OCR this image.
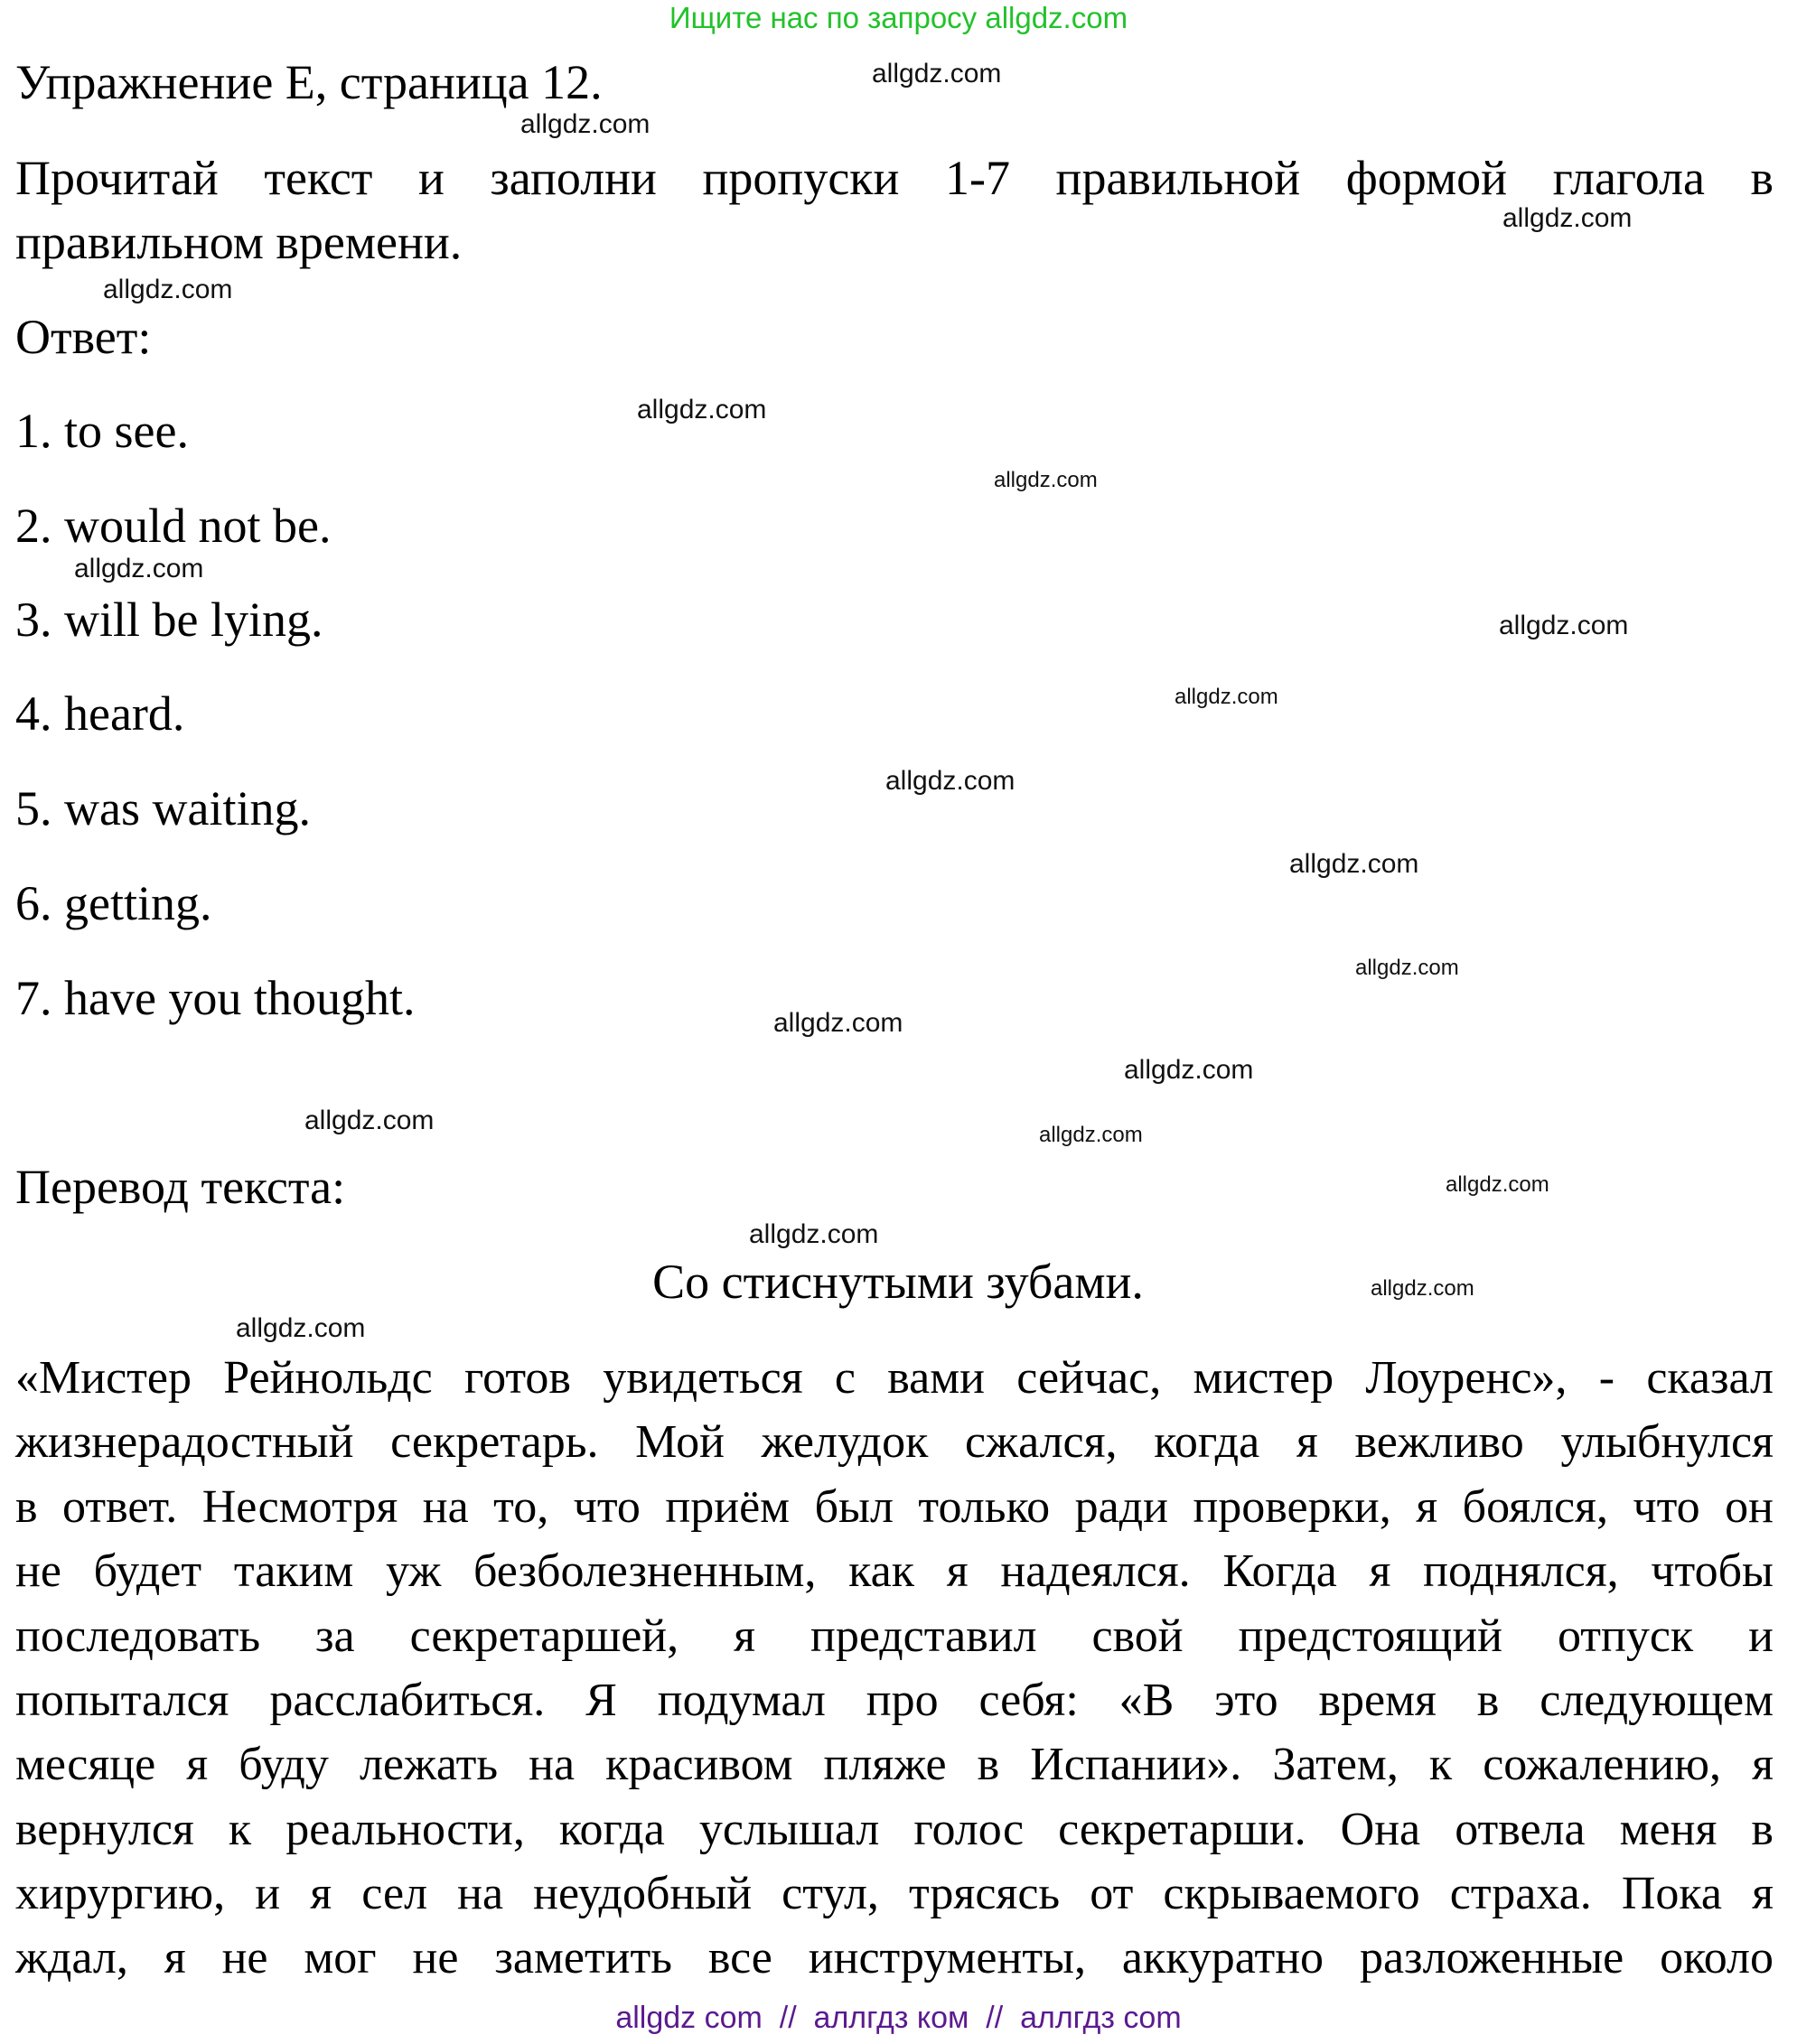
Ищите нас по запросу allgdz.com
Упражнение E, страница 12.
Прочитай текст и заполни пропуски 1-7 правильной формой глагола в
правильном времени.
Ответ:
1. to see.
2. would not be.
3. will be lying.
4. heard.
5. was waiting.
6. getting.
7. have you thought.
Перевод текста:
Со стиснутыми зубами.
«Мистер Рейнольдс готов увидеться с вами сейчас, мистер Лоуренс», - сказал
жизнерадостный секретарь. Мой желудок сжался, когда я вежливо улыбнулся
в ответ. Несмотря на то, что приём был только ради проверки, я боялся, что он
не будет таким уж безболезненным, как я надеялся. Когда я поднялся, чтобы
последовать за секретаршей, я представил свой предстоящий отпуск и
попытался расслабиться. Я подумал про себя: «В это время в следующем
месяце я буду лежать на красивом пляже в Испании». Затем, к сожалению, я
вернулся к реальности, когда услышал голос секретарши. Она отвела меня в
хирургию, и я сел на неудобный стул, трясясь от скрываемого страха. Пока я
ждал, я не мог не заметить все инструменты, аккуратно разложенные около
allgdz.com
allgdz.com
allgdz.com
allgdz.com
allgdz.com
allgdz.com
allgdz.com
allgdz.com
allgdz.com
allgdz.com
allgdz.com
allgdz.com
allgdz.com
allgdz.com
allgdz.com
allgdz.com
allgdz.com
allgdz.com
allgdz.com
allgdz.com
allgdz com  //  аллгдз ком  //  аллгдз com
